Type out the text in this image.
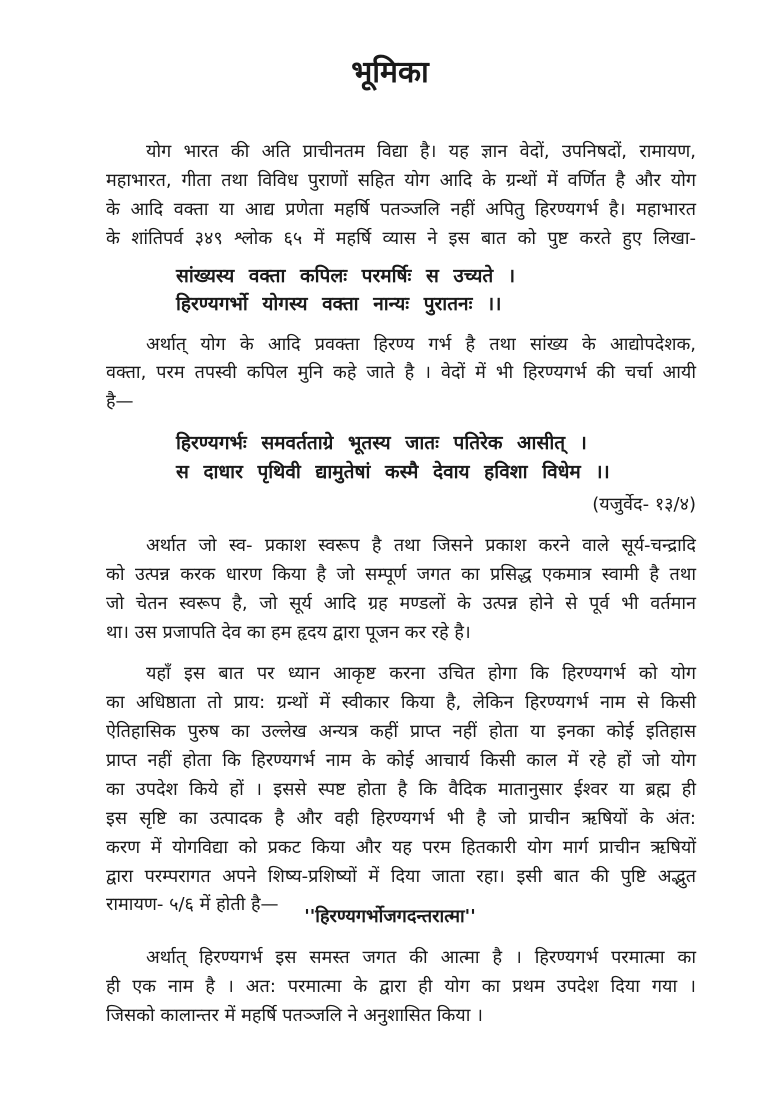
भूमिका
योग भारत की अति प्राचीनतम विद्या है। यह ज्ञान वेदों, उपनिषदों, रामायण,
महाभारत, गीता तथा विविध पुराणों सहित योग आदि के ग्रन्थों में वर्णित है और योग
के आदि वक्ता या आद्य प्रणेता महर्षि पतञ्जलि नहीं अपितु हिरण्यगर्भ है। महाभारत
के शांतिपर्व ३४९ श्लोक ६५ में महर्षि व्यास ने इस बात को पुष्ट करते हुए लिखा-
सांख्यस्य वक्ता कपिलः परमर्षिः स उच्यते ।
हिरण्यगर्भो योगस्य वक्ता नान्यः पुरातनः ।।
अर्थात् योग के आदि प्रवक्ता हिरण्य गर्भ है तथा सांख्य के आद्योपदेशक,
वक्ता, परम तपस्वी कपिल मुनि कहे जाते है । वेदों में भी हिरण्यगर्भ की चर्चा आयी
है—
हिरण्यगर्भः समवर्तताग्रे भूतस्य जातः पतिरेक आसीत् ।
स दाधार पृथिवी द्यामुतेषां कस्मै देवाय हविशा विधेम ।।
(यजुर्वेद- १३/४)
अर्थात जो स्व- प्रकाश स्वरूप है तथा जिसने प्रकाश करने वाले सूर्य-चन्द्रादि
को उत्पन्न करक धारण किया है जो सम्पूर्ण जगत का प्रसिद्ध एकमात्र स्वामी है तथा
जो चेतन स्वरूप है, जो सूर्य आदि ग्रह मण्डलों के उत्पन्न होने से पूर्व भी वर्तमान
था। उस प्रजापति देव का हम हृदय द्वारा पूजन कर रहे है।
यहाँ इस बात पर ध्यान आकृष्ट करना उचित होगा कि हिरण्यगर्भ को योग
का अधिष्ठाता तो प्राय: ग्रन्थों में स्वीकार किया है, लेकिन हिरण्यगर्भ नाम से किसी
ऐतिहासिक पुरुष का उल्लेख अन्यत्र कहीं प्राप्त नहीं होता या इनका कोई इतिहास
प्राप्त नहीं होता कि हिरण्यगर्भ नाम के कोई आचार्य किसी काल में रहे हों जो योग
का उपदेश किये हों । इससे स्पष्ट होता है कि वैदिक मातानुसार ईश्वर या ब्रह्म ही
इस सृष्टि का उत्पादक है और वही हिरण्यगर्भ भी है जो प्राचीन ऋषियों के अंत:
करण में योगविद्या को प्रकट किया और यह परम हितकारी योग मार्ग प्राचीन ऋषियों
द्वारा परम्परागत अपने शिष्य-प्रशिष्यों में दिया जाता रहा। इसी बात की पुष्टि अद्भुत
रामायण- ५/६ में होती है—
''हिरण्यगर्भोजगदन्तरात्मा''
अर्थात् हिरण्यगर्भ इस समस्त जगत की आत्मा है । हिरण्यगर्भ परमात्मा का
ही एक नाम है । अत: परमात्मा के द्वारा ही योग का प्रथम उपदेश दिया गया ।
जिसको कालान्तर में महर्षि पतञ्जलि ने अनुशासित किया ।
